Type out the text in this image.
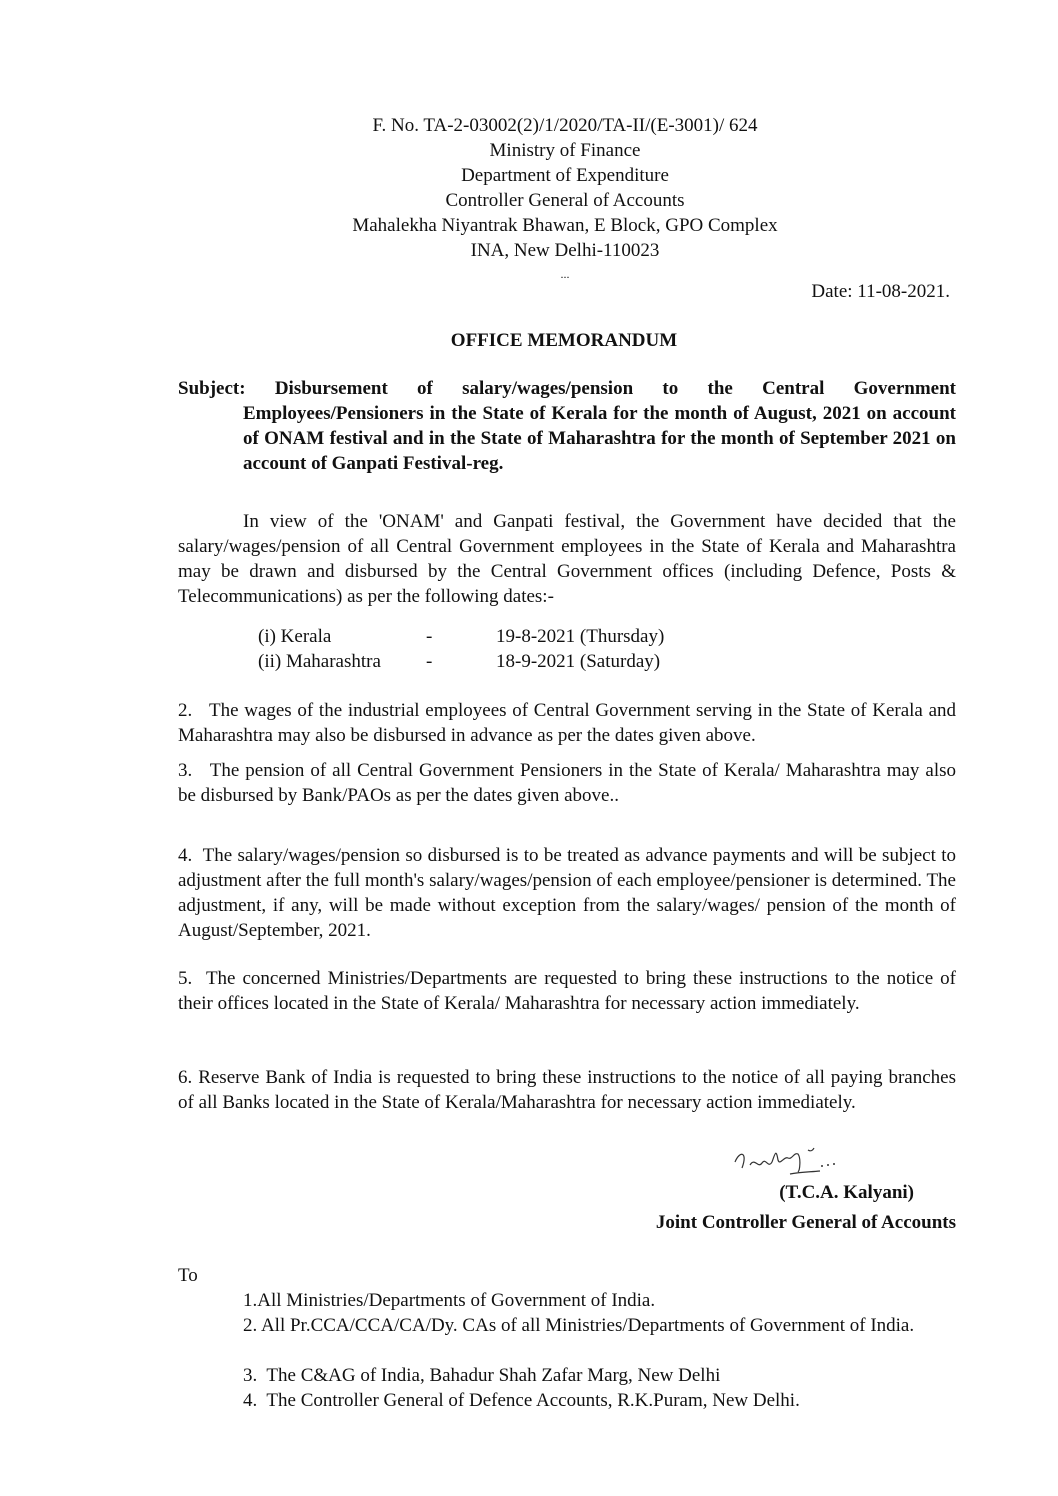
F. No. TA-2-03002(2)/1/2020/TA-II/(E-3001)/ 624
Ministry of Finance
Department of Expenditure
Controller General of Accounts
Mahalekha Niyantrak Bhawan, E Block, GPO Complex
INA, New Delhi-110023
...
Date: 11-08-2021.
OFFICE MEMORANDUM
Subject: Disbursement of salary/wages/pension to the Central Government Employees/Pensioners in the State of Kerala for the month of August, 2021 on account of ONAM festival and in the State of Maharashtra for the month of September 2021 on account of Ganpati Festival-reg.
In view of the 'ONAM' and Ganpati festival, the Government have decided that the salary/wages/pension of all Central Government employees in the State of Kerala and Maharashtra may be drawn and disbursed by the Central Government offices (including Defence, Posts & Telecommunications) as per the following dates:-
(i) Kerala	-	19-8-2021 (Thursday)
(ii) Maharashtra	-	18-9-2021 (Saturday)
2.   The wages of the industrial employees of Central Government serving in the State of Kerala and Maharashtra may also be disbursed in advance as per the dates given above.
3.   The pension of all Central Government Pensioners in the State of Kerala/ Maharashtra may also be disbursed by Bank/PAOs as per the dates given above..
4.  The salary/wages/pension so disbursed is to be treated as advance payments and will be subject to adjustment after the full month's salary/wages/pension of each employee/pensioner is determined. The adjustment, if any, will be made without exception from the salary/wages/ pension of the month of August/September, 2021.
5.  The concerned Ministries/Departments are requested to bring these instructions to the notice of their offices located in the State of Kerala/ Maharashtra for necessary action immediately.
6. Reserve Bank of India is requested to bring these instructions to the notice of all paying branches of all Banks located in the State of Kerala/Maharashtra for necessary action immediately.
(T.C.A. Kalyani)
Joint Controller General of Accounts
To
1.All Ministries/Departments of Government of India.
2. All Pr.CCA/CCA/CA/Dy. CAs of all Ministries/Departments of Government of India.
3.  The C&AG of India, Bahadur Shah Zafar Marg, New Delhi
4.  The Controller General of Defence Accounts, R.K.Puram, New Delhi.
